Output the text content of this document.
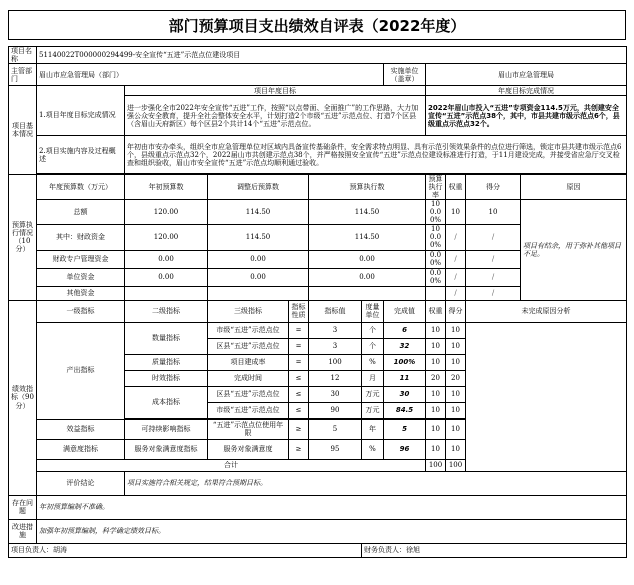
部门预算项目支出绩效自评表（2022年度）
项目名称	51140022T000000294499-安全宣传“五进”示范点位建设项目										
主管部门	眉山市应急管理局（部门）						实施单位（盖章）	眉山市应急管理局			
项目基本情况		项目年度目标						年度目标完成情况			
	1.项目年度目标完成情况	进一步强化全市2022年安全宣传“五进”工作，按照“以点带面、全面推广”的工作思路，大力加强公众安全教育，提升全社会整体安全水平，计划打造2个市级“五进”示范点位、打造7个区县（含眉山天府新区）每个区县2个共计14个“五进”示范点位。						2022年眉山市投入“五进”专项资金114.5万元，共创建安全宣传“五进”示范点38个，其中，市县共建市级示范点6个，县级重点示范点32个。			
	2.项目实施内容及过程概述	年初由市安办牵头，组织全市应急管理单位对区域内具备宣传基础条件，安全需求特点明显、具有示范引领效果条件的点位进行筛选，锁定市县共建市级示范点6个，县级重点示范点32个，2022届山市共创建示范点38个，并严格按照安全宣传“五进”示范点位建设标准进行打造，于11月建设完成，并接受省应急厅交叉检查和组织验收，眉山市安全宣传“五进”示范点均顺利通过验收。									

预算执行情况（10分）	年度预算数（万元）	年初预算数	调整后预算数		预算执行数			预算执行率	权重	得分	原因
	总额	120.00	114.50		114.50			100.00%	10	10	项目有结余，用于弥补其他项目不足。
	其中：财政资金	120.00	114.50		114.50			100.00%	/	/	
	财政专户管理资金	0.00	0.00		0.00			0.00%	/	/	
	单位资金	0.00	0.00		0.00			0.00%	/	/	
	其他资金								/	/	
绩效指标（90分）	一级指标	二级指标	三级指标	指标性质	指标值	度量单位	完成值	权重	得分	未完成原因分析	
	产出指标	数量指标	市级“五进”示范点位	=	3	个	6	10	10		
			区县“五进”示范点位	=	3	个	32	10	10		
		质量指标	项目建成率	=	100	%	100%	10	10		
		时效指标	完成时间	≤	12	月	11	20	20		
		成本指标	区县“五进”示范点位	≤	30	万元	30	10	10		
			市级“五进”示范点位	≤	90	万元	84.5	10	10		

	效益指标	可持续影响指标	“五进”示范点位使用年限	≥	5	年	5	10	10		
	满意度指标	服务对象满意度指标	服务对象满意度	≥	95	%	96	10	10		
	合计							100	100		
	评价结论	项目实施符合相关规定，结果符合预期目标。									
存在问题	年初预算编制不准确。										
改进措施	加强年初预算编制，科学确定绩效目标。										
项目负责人：胡涛						财务负责人：徐旭					
